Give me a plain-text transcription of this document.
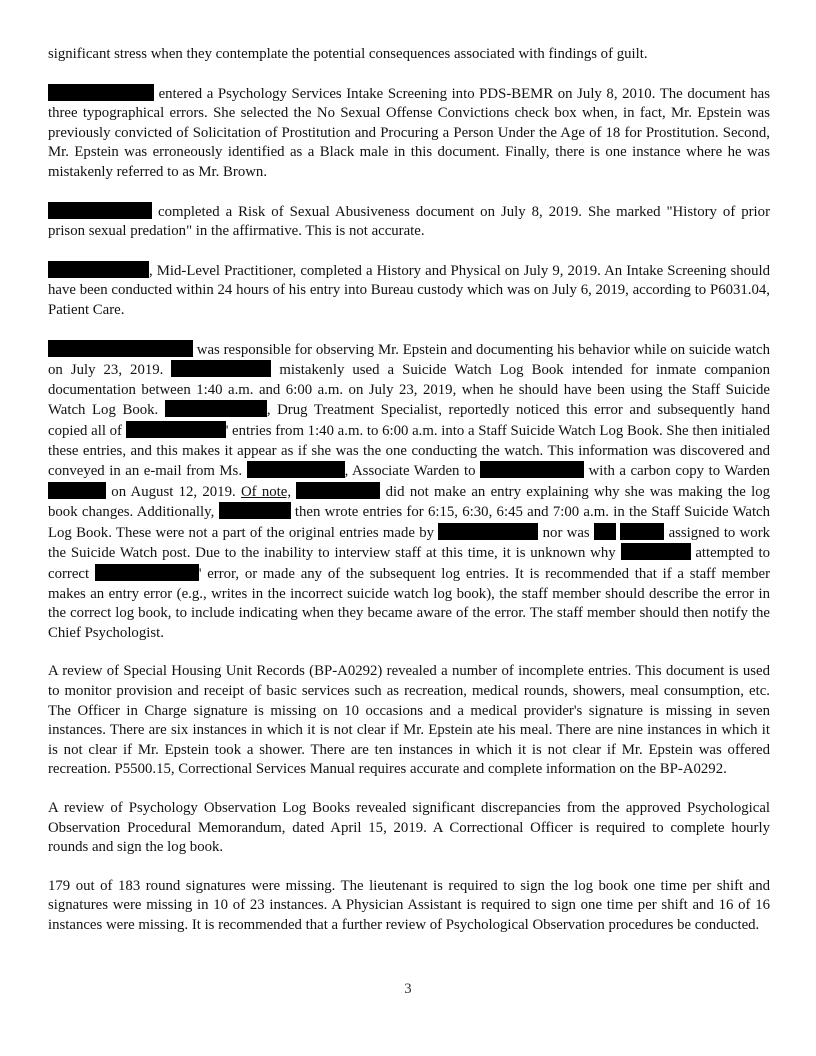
significant stress when they contemplate the potential consequences associated with findings of guilt.

entered a Psychology Services Intake Screening into PDS-BEMR on July 8, 2010. The document has three typographical errors. She selected the No Sexual Offense Convictions check box when, in fact, Mr. Epstein was previously convicted of Solicitation of Prostitution and Procuring a Person Under the Age of 18 for Prostitution. Second, Mr. Epstein was erroneously identified as a Black male in this document. Finally, there is one instance where he was mistakenly referred to as Mr. Brown.

completed a Risk of Sexual Abusiveness document on July 8, 2019. She marked "History of prior prison sexual predation" in the affirmative. This is not accurate.

, Mid-Level Practitioner, completed a History and Physical on July 9, 2019. An Intake Screening should have been conducted within 24 hours of his entry into Bureau custody which was on July 6, 2019, according to P6031.04, Patient Care.

was responsible for observing Mr. Epstein and documenting his behavior while on suicide watch on July 23, 2019.	mistakenly used a Suicide Watch Log Book intended for inmate companion documentation between 1:40 a.m. and 6:00 a.m. on July 23, 2019, when he should have been using the Staff Suicide Watch Log Book.	, Drug Treatment Specialist, reportedly noticed this error and subsequently hand copied all of	' entries from 1:40 a.m. to 6:00 a.m. into a Staff Suicide Watch Log Book. She then initialed these entries, and this makes it appear as if she was the one conducting the watch. This information was discovered and conveyed in an e-mail from Ms.	, Associate Warden to	with a carbon copy to Warden  on August 12, 2019. Of note,	did not make an entry explaining why she was making the log book changes. Additionally,	then wrote entries for 6:15, 6:30, 6:45 and 7:00 a.m. in the Staff Suicide Watch Log Book. These were not a part of the original entries made by	nor was	assigned to work the Suicide Watch post. Due to the inability to interview staff at this time, it is unknown why	attempted to correct	' error, or made any of the subsequent log entries. It is recommended that if a staff member makes an entry error (e.g., writes in the incorrect suicide watch log book), the staff member should describe the error in the correct log book, to include indicating when they became aware of the error. The staff member should then notify the Chief Psychologist.

A review of Special Housing Unit Records (BP-A0292) revealed a number of incomplete entries. This document is used to monitor provision and receipt of basic services such as recreation, medical rounds, showers, meal consumption, etc. The Officer in Charge signature is missing on 10 occasions and a medical provider's signature is missing in seven instances. There are six instances in which it is not clear if Mr. Epstein ate his meal. There are nine instances in which it is not clear if Mr. Epstein took a shower. There are ten instances in which it is not clear if Mr. Epstein was offered recreation. P5500.15, Correctional Services Manual requires accurate and complete information on the BP-A0292.

A review of Psychology Observation Log Books revealed significant discrepancies from the approved Psychological Observation Procedural Memorandum, dated April 15, 2019. A Correctional Officer is required to complete hourly rounds and sign the log book.

179 out of 183 round signatures were missing. The lieutenant is required to sign the log book one time per shift and signatures were missing in 10 of 23 instances. A Physician Assistant is required to sign one time per shift and 16 of 16 instances were missing. It is recommended that a further review of Psychological Observation procedures be conducted.

3
